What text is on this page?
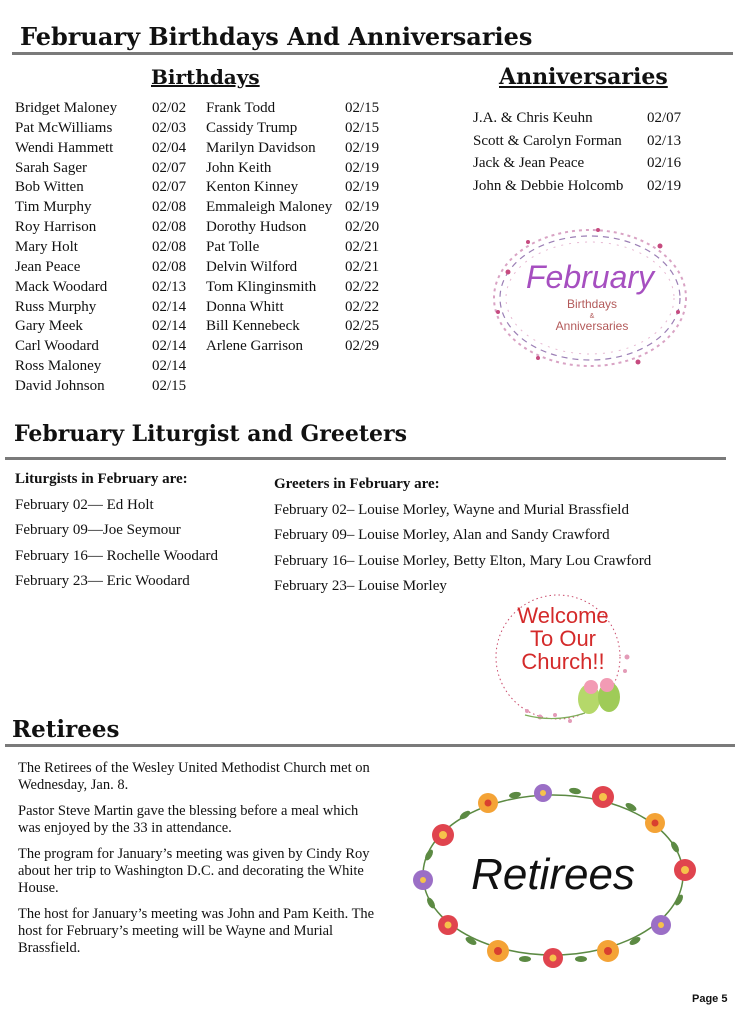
February Birthdays And Anniversaries
Birthdays
Bridget Maloney 02/02
Pat McWilliams	02/03
Wendi Hammett	02/04
Sarah Sager	02/07
Bob Witten	02/07
Tim Murphy	02/08
Roy Harrison	02/08
Mary Holt	02/08
Jean Peace	02/08
Mack Woodard	02/13
Russ Murphy	02/14
Gary Meek	02/14
Carl Woodard	02/14
Ross Maloney	02/14
David Johnson	02/15
Frank Todd	02/15
Cassidy Trump	02/15
Marilyn Davidson 02/19
John Keith	02/19
Kenton Kinney	02/19
Emmaleigh Maloney 02/19
Dorothy Hudson	02/20
Pat Tolle	02/21
Delvin Wilford	02/21
Tom Klinginsmith 02/22
Donna Whitt	02/22
Bill Kennebeck	02/25
Arlene Garrison	02/29
Anniversaries
J.A. & Chris Keuhn	02/07
Scott & Carolyn Forman 02/13
Jack & Jean Peace	02/16
John & Debbie Holcomb 02/19
February
Birthdays
&
Anniversaries
February Liturgist and Greeters
Liturgists in February are:
February 02— Ed Holt
February 09—Joe Seymour
February 16— Rochelle Woodard
February 23— Eric Woodard
Greeters in February are:
February 02– Louise Morley, Wayne and Murial Brassfield
February 09– Louise Morley, Alan and Sandy Crawford
February 16– Louise Morley, Betty Elton, Mary Lou Crawford
February 23– Louise Morley
Welcome
To Our
Church!!
Retirees

The Retirees of the Wesley United Methodist Church met on Wednesday, Jan. 8.

Pastor Steve Martin gave the blessing before a meal which was enjoyed by the 33 in attendance.

The program for January’s meeting was given by Cindy Roy about her trip to Washington D.C. and decorating the White House.

The host for January’s meeting was John and Pam Keith. The host for February’s meeting will be Wayne and Murial Brassfield.

Retirees
Page 5
